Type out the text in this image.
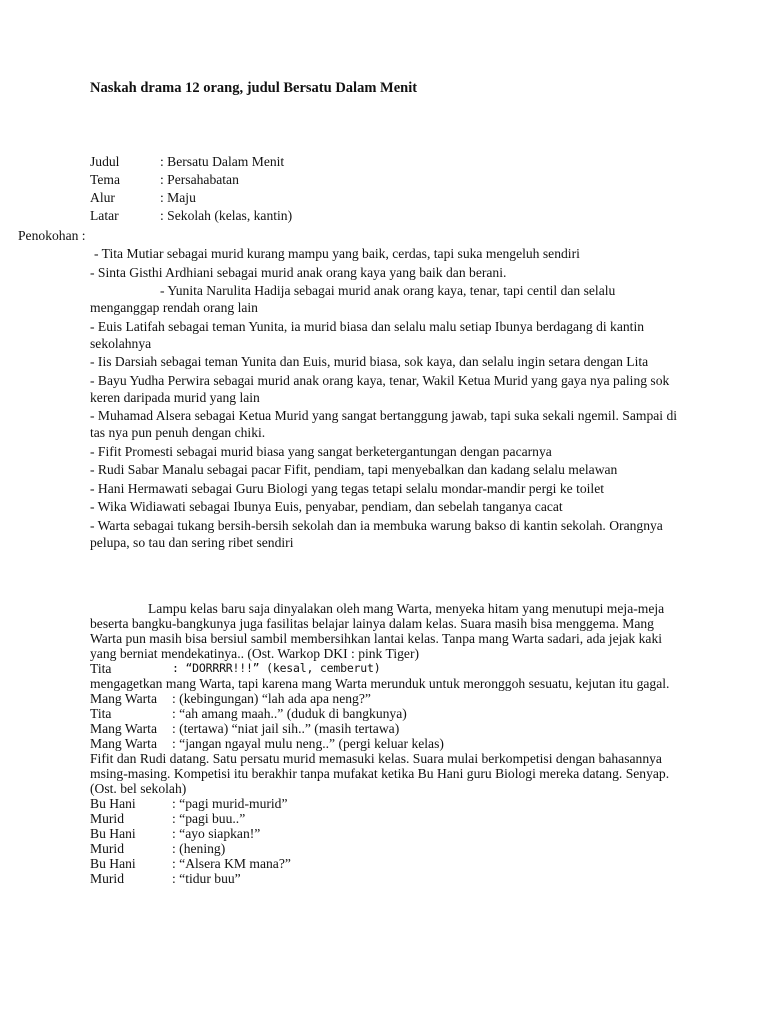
Naskah drama 12 orang, judul Bersatu Dalam Menit
Judul	: Bersatu Dalam Menit
Tema	: Persahabatan
Alur	: Maju
Latar	: Sekolah (kelas, kantin)
Penokohan :
- Tita Mutiar sebagai murid kurang mampu yang baik, cerdas, tapi suka mengeluh sendiri
- Sinta Gisthi Ardhiani sebagai murid anak orang kaya yang baik dan berani.
- Yunita Narulita Hadija sebagai murid anak orang kaya, tenar, tapi centil dan selalu menganggap rendah orang lain
- Euis Latifah sebagai teman Yunita, ia murid biasa dan selalu malu setiap Ibunya berdagang di kantin sekolahnya
- Iis Darsiah sebagai teman Yunita dan Euis, murid biasa, sok kaya, dan selalu ingin setara dengan Lita
- Bayu Yudha Perwira sebagai murid anak orang kaya, tenar, Wakil Ketua Murid yang gaya nya paling sok keren daripada murid yang lain
- Muhamad Alsera sebagai Ketua Murid yang sangat bertanggung jawab, tapi suka sekali ngemil. Sampai di tas nya pun penuh dengan chiki.
- Fifit Promesti sebagai murid biasa yang sangat berketergantungan dengan pacarnya
- Rudi Sabar Manalu sebagai pacar Fifit, pendiam, tapi menyebalkan dan kadang selalu melawan
- Hani Hermawati sebagai Guru Biologi yang tegas tetapi selalu mondar-mandir pergi ke toilet
- Wika Widiawati sebagai Ibunya Euis, penyabar, pendiam, dan sebelah tanganya cacat
- Warta sebagai tukang bersih-bersih sekolah dan ia membuka warung bakso di kantin sekolah. Orangnya pelupa, so tau dan sering ribet sendiri
Lampu kelas baru saja dinyalakan oleh mang Warta, menyeka hitam yang menutupi meja-meja beserta bangku-bangkunya juga fasilitas belajar lainya dalam kelas. Suara masih bisa menggema. Mang Warta pun masih bisa bersiul sambil membersihkan lantai kelas. Tanpa mang Warta sadari, ada jejak kaki yang berniat mendekatinya.. (Ost. Warkop DKI : pink Tiger)
Tita	: “DORRRR!!!” (kesal, cemberut)
mengagetkan mang Warta, tapi karena mang Warta merunduk untuk meronggoh sesuatu, kejutan itu gagal.
Mang Warta	: (kebingungan) “lah ada apa neng?”
Tita	: “ah amang maah..” (duduk di bangkunya)
Mang Warta	: (tertawa) “niat jail sih..” (masih tertawa)
Mang Warta	: “jangan ngayal mulu neng..” (pergi keluar kelas)
Fifit dan Rudi datang. Satu persatu murid memasuki kelas. Suara mulai berkompetisi dengan bahasannya msing-masing. Kompetisi itu berakhir tanpa mufakat ketika Bu Hani guru Biologi mereka datang. Senyap.
(Ost. bel sekolah)
Bu Hani	: “pagi murid-murid”
Murid	: “pagi buu..”
Bu Hani	: “ayo siapkan!”
Murid	: (hening)
Bu Hani	: “Alsera KM mana?”
Murid	: “tidur buu”
